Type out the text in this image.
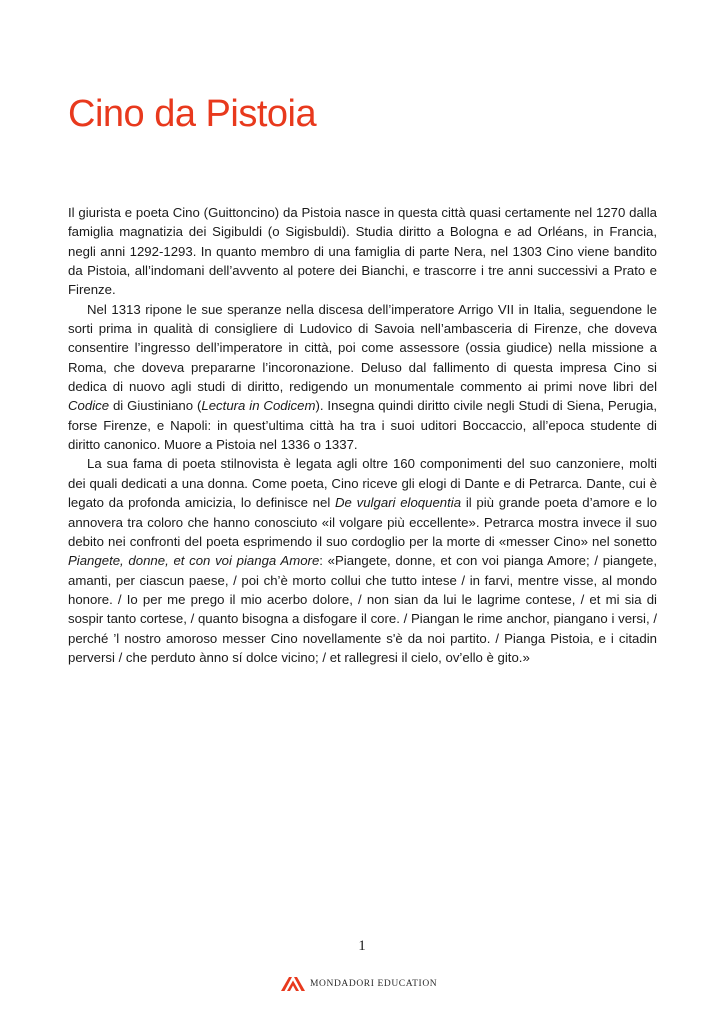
Cino da Pistoia

Il giurista e poeta Cino (Guittoncino) da Pistoia nasce in questa città quasi certamente nel 1270 dalla famiglia magnatizia dei Sigibuldi (o Sigisbuldi). Studia diritto a Bologna e ad Orléans, in Francia, negli anni 1292-1293. In quanto membro di una famiglia di parte Nera, nel 1303 Cino viene bandito da Pistoia, all’indomani dell’avvento al potere dei Bianchi, e trascorre i tre anni successivi a Prato e Firenze.

Nel 1313 ripone le sue speranze nella discesa dell’imperatore Arrigo VII in Italia, seguendone le sorti prima in qualità di consigliere di Ludovico di Savoia nell’ambasceria di Firenze, che doveva consentire l’ingresso dell’imperatore in città, poi come assessore (ossia giudice) nella missione a Roma, che doveva prepararne l’incoronazione. Deluso dal fallimento di questa impresa Cino si dedica di nuovo agli studi di diritto, redigendo un monumentale commento ai primi nove libri del Codice di Giustiniano (Lectura in Codicem). Insegna quindi diritto civile negli Studi di Siena, Perugia, forse Firenze, e Napoli: in quest’ultima città ha tra i suoi uditori Boccaccio, all’epoca studente di diritto canonico. Muore a Pistoia nel 1336 o 1337.

La sua fama di poeta stilnovista è legata agli oltre 160 componimenti del suo canzoniere, molti dei quali dedicati a una donna. Come poeta, Cino riceve gli elogi di Dante e di Petrarca. Dante, cui è legato da profonda amicizia, lo definisce nel De vulgari eloquentia il più grande poeta d’amore e lo annovera tra coloro che hanno conosciuto «il volgare più eccellente». Petrarca mostra invece il suo debito nei confronti del poeta esprimendo il suo cordoglio per la morte di «messer Cino» nel sonetto Piangete, donne, et con voi pianga Amore: «Piangete, donne, et con voi pianga Amore; / piangete, amanti, per ciascun paese, / poi ch’è morto collui che tutto intese / in farvi, mentre visse, al mondo honore. / Io per me prego il mio acerbo dolore, / non sian da lui le lagrime contese, / et mi sia di sospir tanto cortese, / quanto bisogna a disfogare il core. / Piangan le rime anchor, piangano i versi, / perché ’l nostro amoroso messer Cino novellamente s'è da noi partito. / Pianga Pistoia, e i citadin perversi / che perduto ànno sí dolce vicino; / et rallegresi il cielo, ov’ello è gito.»

1
MONDADORI EDUCATION
